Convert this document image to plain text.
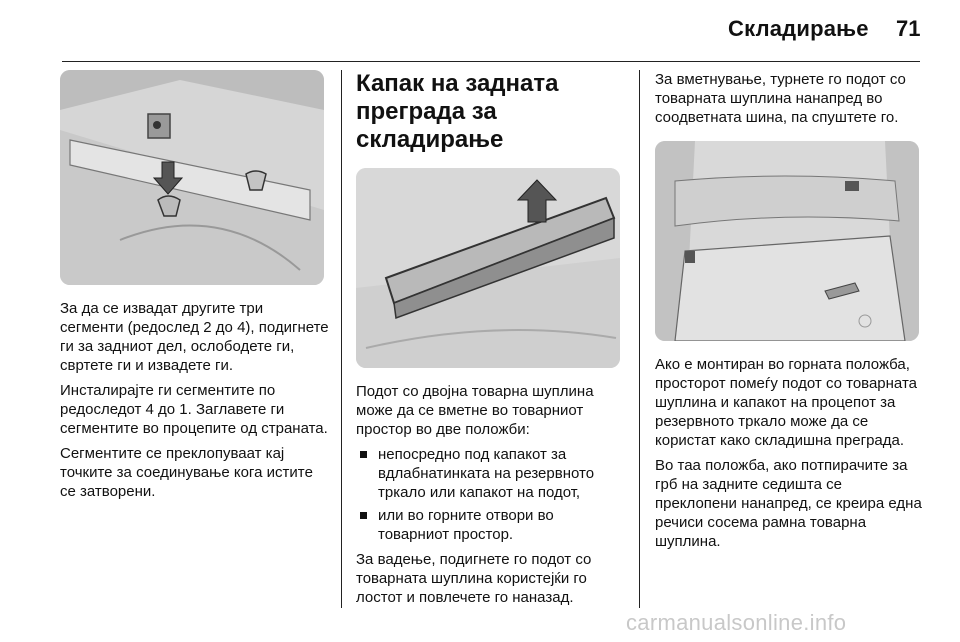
Складирање 71

За да се извадат другите три сегменти (редослед 2 до 4), подигнете ги за задниот дел, ослободете ги, свртете ги и извадете ги.

Инсталирајте ги сегментите по редоследот 4 до 1. Заглавете ги сегментите во процепите од страната.

Сегментите се преклопуваат кај точките за соединување кога иститe се затворени.

Капак на задната преграда за складирање

Подот со двојна товарна шуплина може да се вметне во товарниот простор во две положби:

непосредно под капакот за вдлабнатинката на резервното тркало или капакот на подот,
или во горните отвори во товарниот простор.

За вадење, подигнете го подот со товарната шуплина користејќи го лостот и повлечете го наназад.

За вметнување, турнете го подот со товарната шуплина нанапред во соодветната шина, па спуштете го.

Ако е монтиран во горната положба, просторот помеѓу подот со товарната шуплина и капакот на процепот за резервното тркало може да се користат како складишна преграда.

Во таа положба, ако потпирачите за грб на задните седишта се преклопени нанапред, се креира една речиси сосема рамна товарна шуплина.

carmanualsonline.info
